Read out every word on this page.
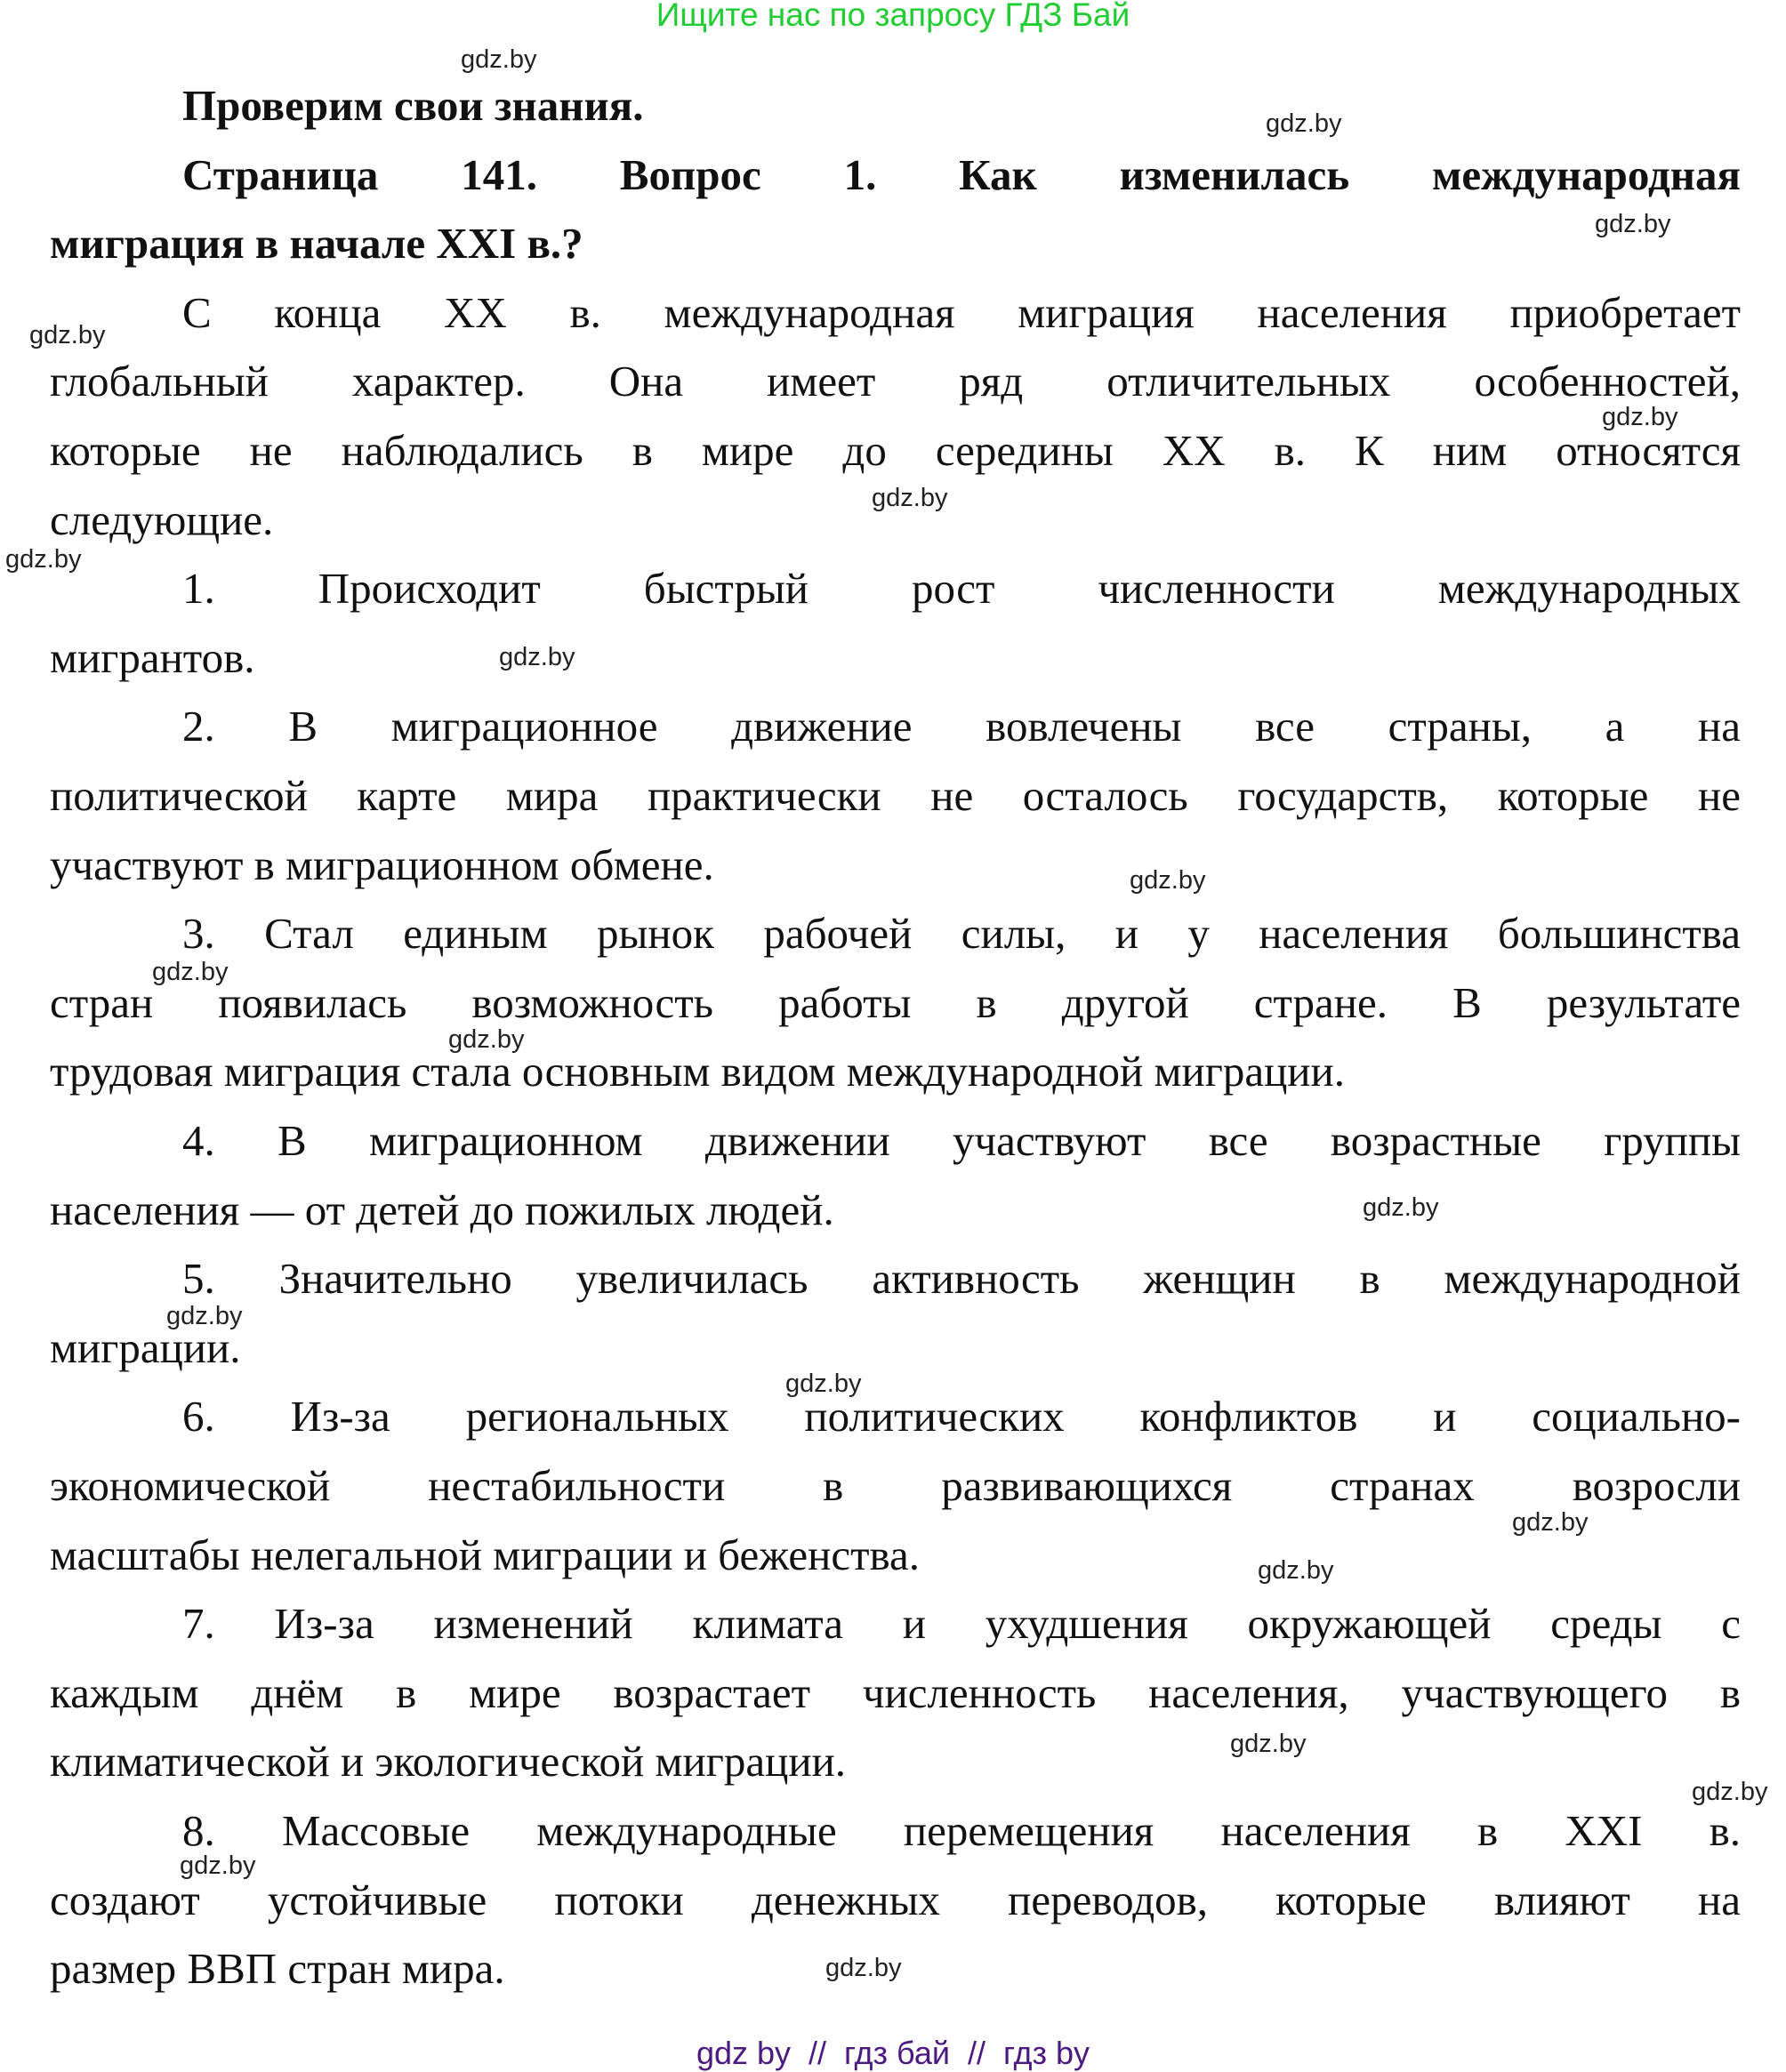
Ищите нас по запросу ГДЗ Бай
Проверим свои знания.
Страница 141. Вопрос 1. Как изменилась международная
миграция в начале XXI в.?
С конца XX в. международная миграция населения приобретает
глобальный характер. Она имеет ряд отличительных особенностей,
которые не наблюдались в мире до середины XX в. К ним относятся
следующие.
1. Происходит быстрый рост численности международных
мигрантов.
2. В миграционное движение вовлечены все страны, а на
политической карте мира практически не осталось государств, которые не
участвуют в миграционном обмене.
3. Стал единым рынок рабочей силы, и у населения большинства
стран появилась возможность работы в другой стране. В результате
трудовая миграция стала основным видом международной миграции.
4. В миграционном движении участвуют все возрастные группы
населения — от детей до пожилых людей.
5. Значительно увеличилась активность женщин в международной
миграции.
6. Из-за региональных политических конфликтов и социально-
экономической нестабильности в развивающихся странах возросли
масштабы нелегальной миграции и беженства.
7. Из-за изменений климата и ухудшения окружающей среды с
каждым днём в мире возрастает численность населения, участвующего в
климатической и экологической миграции.
8. Массовые международные перемещения населения в XXI в.
создают устойчивые потоки денежных переводов, которые влияют на
размер ВВП стран мира.
gdz.by
gdz.by
gdz.by
gdz.by
gdz.by
gdz.by
gdz.by
gdz.by
gdz.by
gdz.by
gdz.by
gdz.by
gdz.by
gdz.by
gdz.by
gdz.by
gdz.by
gdz.by
gdz.by
gdz.by
gdz by  //  гдз бай  //  гдз by
